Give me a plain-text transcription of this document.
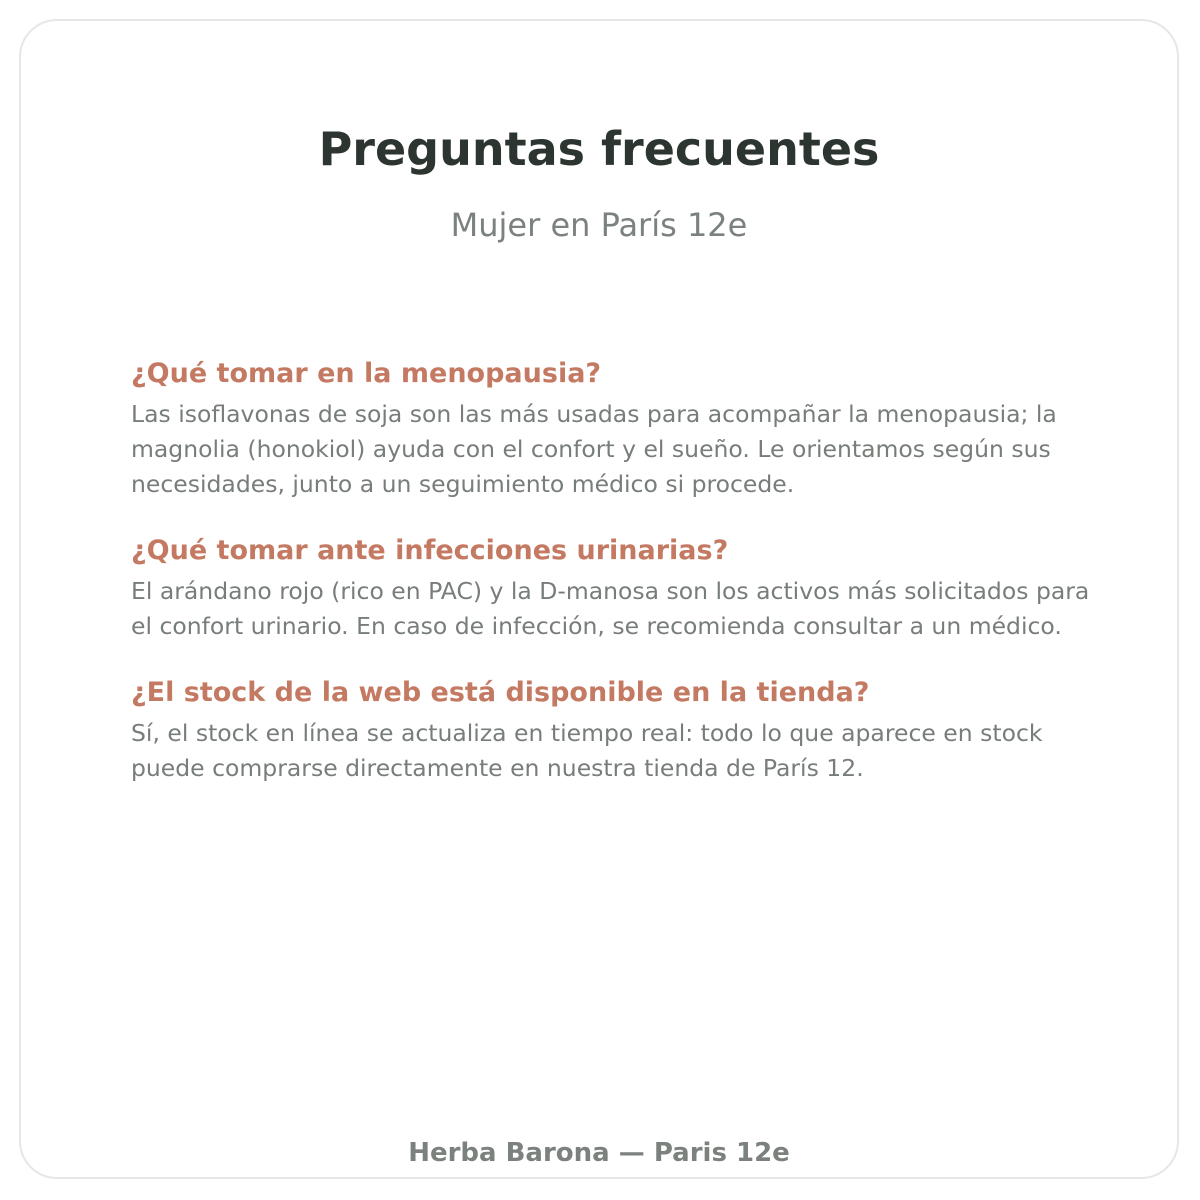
Preguntas frecuentes
Mujer en París 12e
¿Qué tomar en la menopausia?

Las isoflavonas de soja son las más usadas para acompañar la menopausia; la magnolia (honokiol) ayuda con el confort y el sueño. Le orientamos según sus necesidades, junto a un seguimiento médico si procede.

¿Qué tomar ante infecciones urinarias?

El arándano rojo (rico en PAC) y la D-manosa son los activos más solicitados para el confort urinario. En caso de infección, se recomienda consultar a un médico.

¿El stock de la web está disponible en la tienda?

Sí, el stock en línea se actualiza en tiempo real: todo lo que aparece en stock puede comprarse directamente en nuestra tienda de París 12.

Herba Barona — Paris 12e
